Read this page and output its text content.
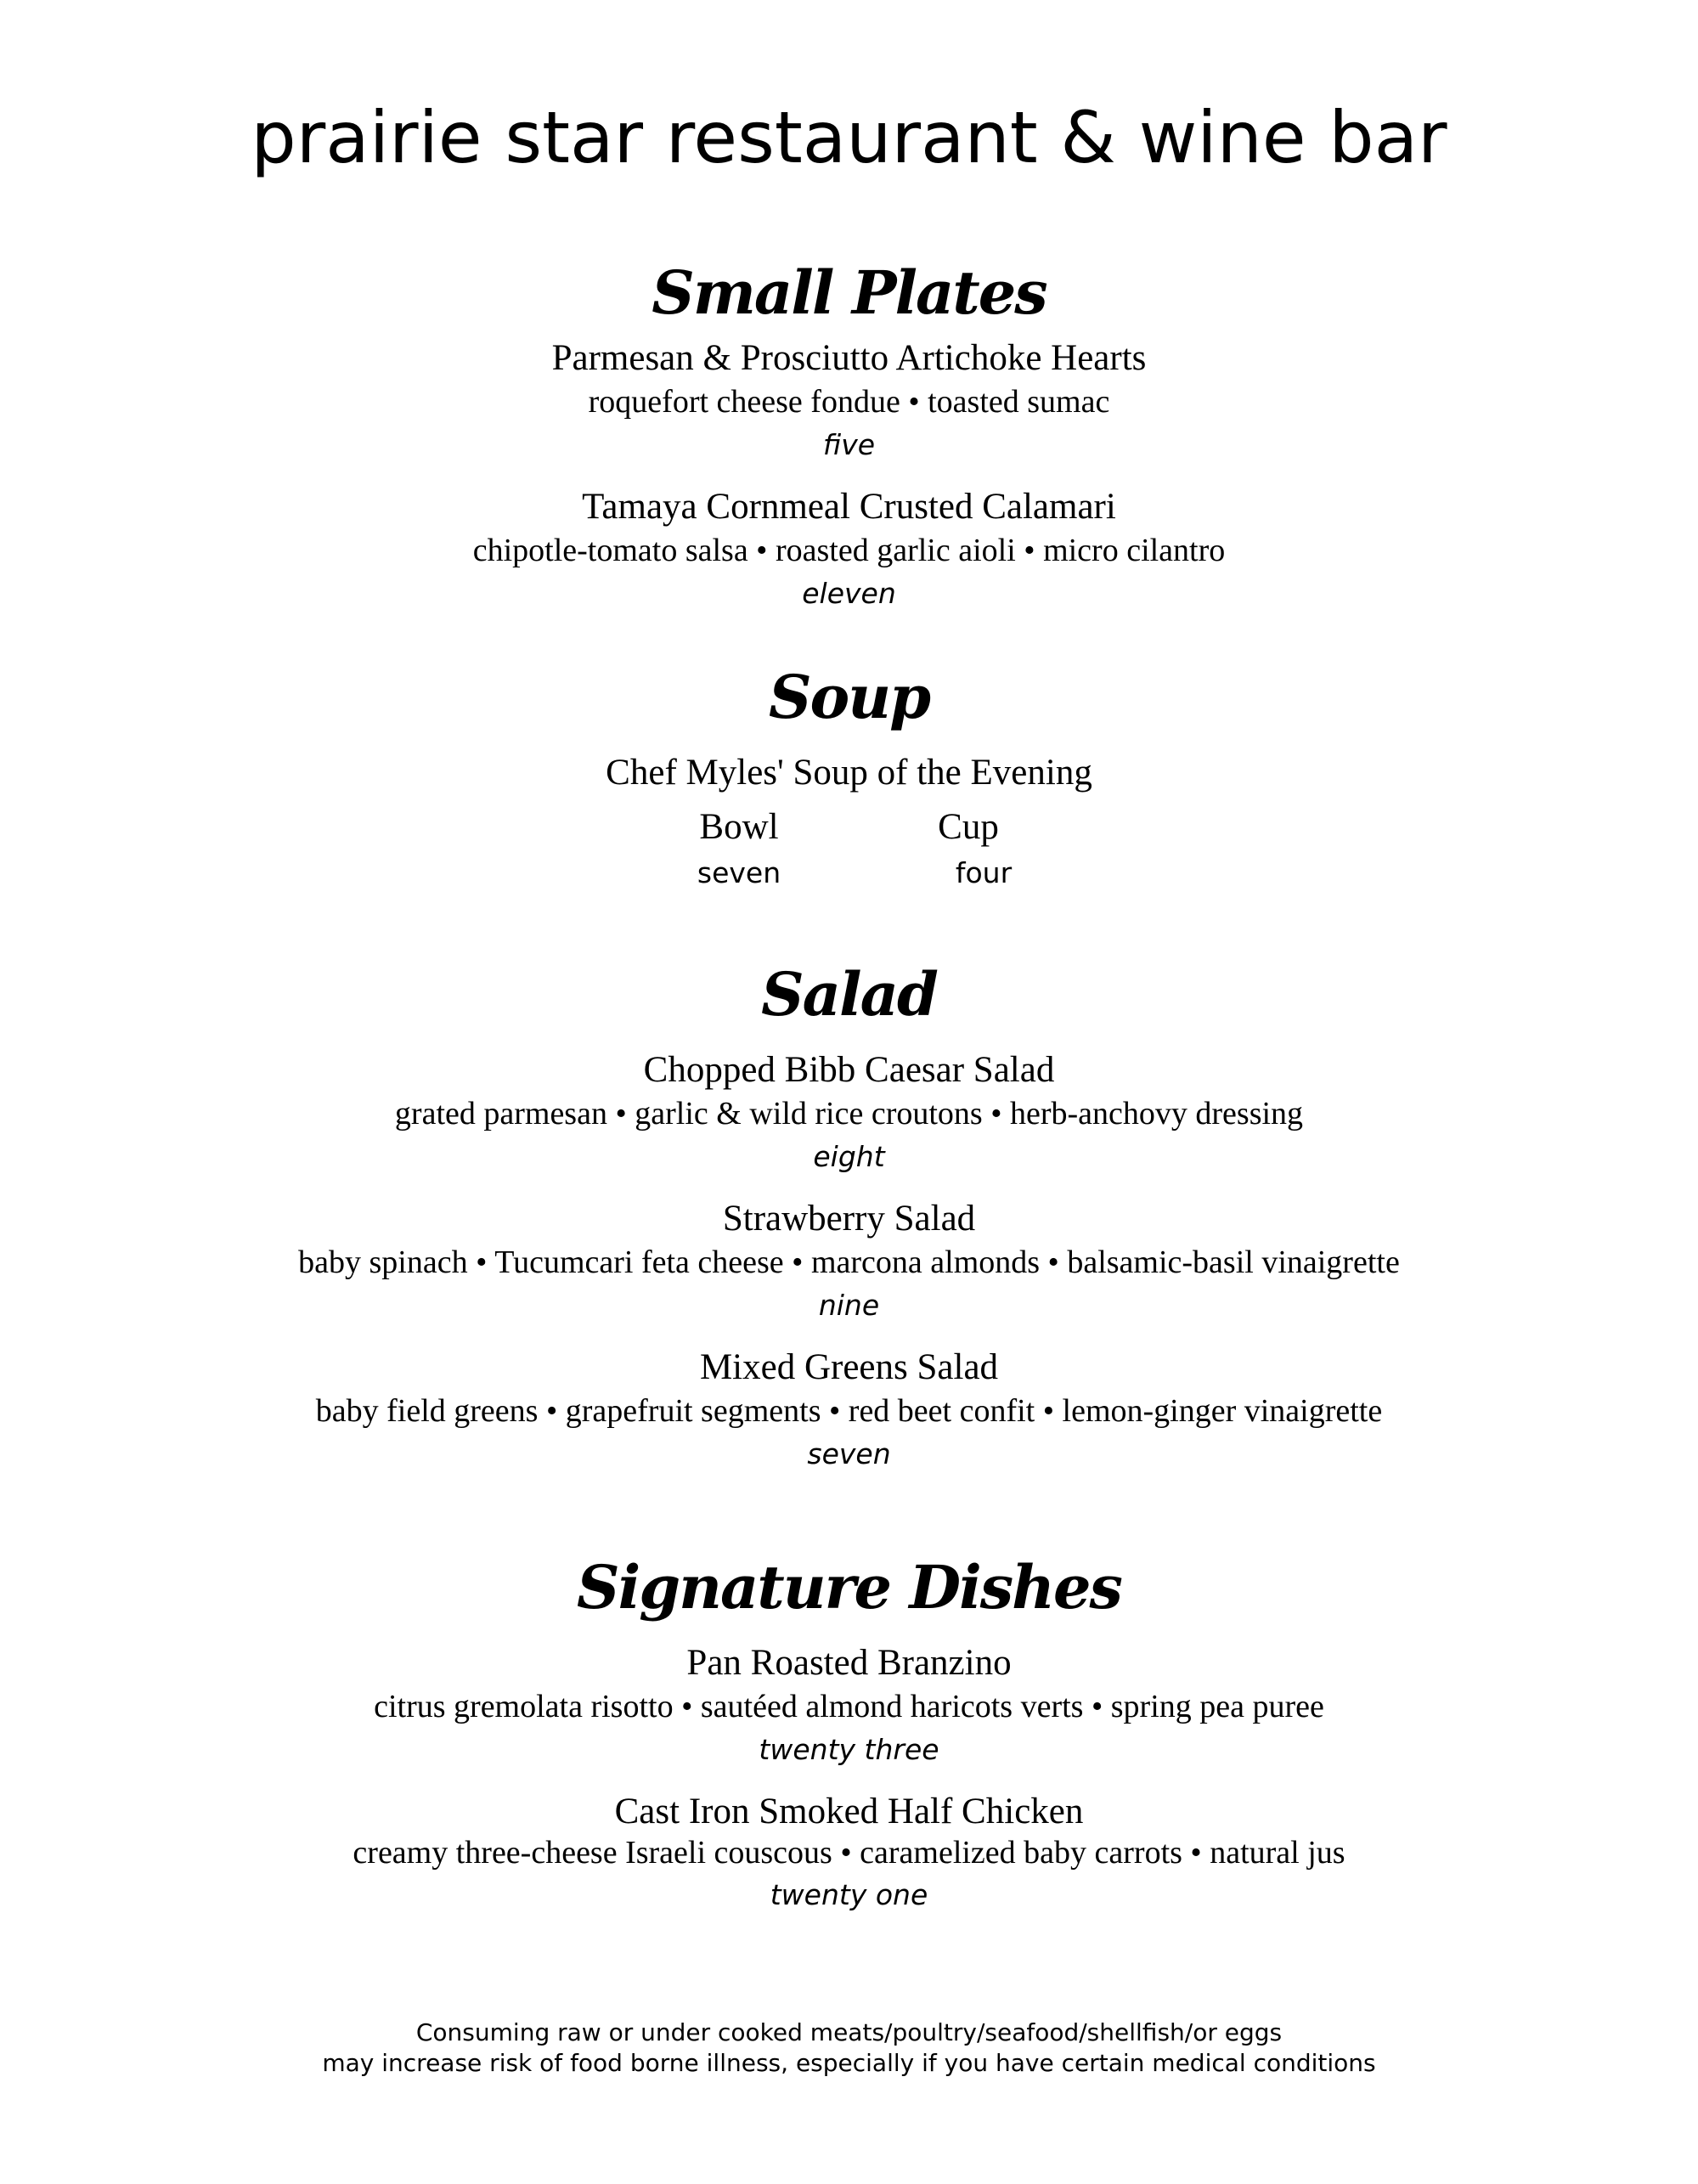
prairie star restaurant & wine bar
Small Plates
Parmesan & Prosciutto Artichoke Hearts
roquefort cheese fondue • toasted sumac
five
Tamaya Cornmeal Crusted Calamari
chipotle-tomato salsa • roasted garlic aioli • micro cilantro
eleven
Soup
Chef Myles' Soup of the Evening
Bowl
seven
Cup
four
Salad
Chopped Bibb Caesar Salad
grated parmesan • garlic & wild rice croutons • herb-anchovy dressing
eight
Strawberry Salad
baby spinach • Tucumcari feta cheese • marcona almonds • balsamic-basil vinaigrette
nine
Mixed Greens Salad
baby field greens • grapefruit segments • red beet confit • lemon-ginger vinaigrette
seven
Signature Dishes
Pan Roasted Branzino
citrus gremolata risotto • sautéed almond haricots verts • spring pea puree
twenty three
Cast Iron Smoked Half Chicken
creamy three-cheese Israeli couscous • caramelized baby carrots • natural jus
twenty one
Consuming raw or under cooked meats/poultry/seafood/shellfish/or eggs
may increase risk of food borne illness, especially if you have certain medical conditions
